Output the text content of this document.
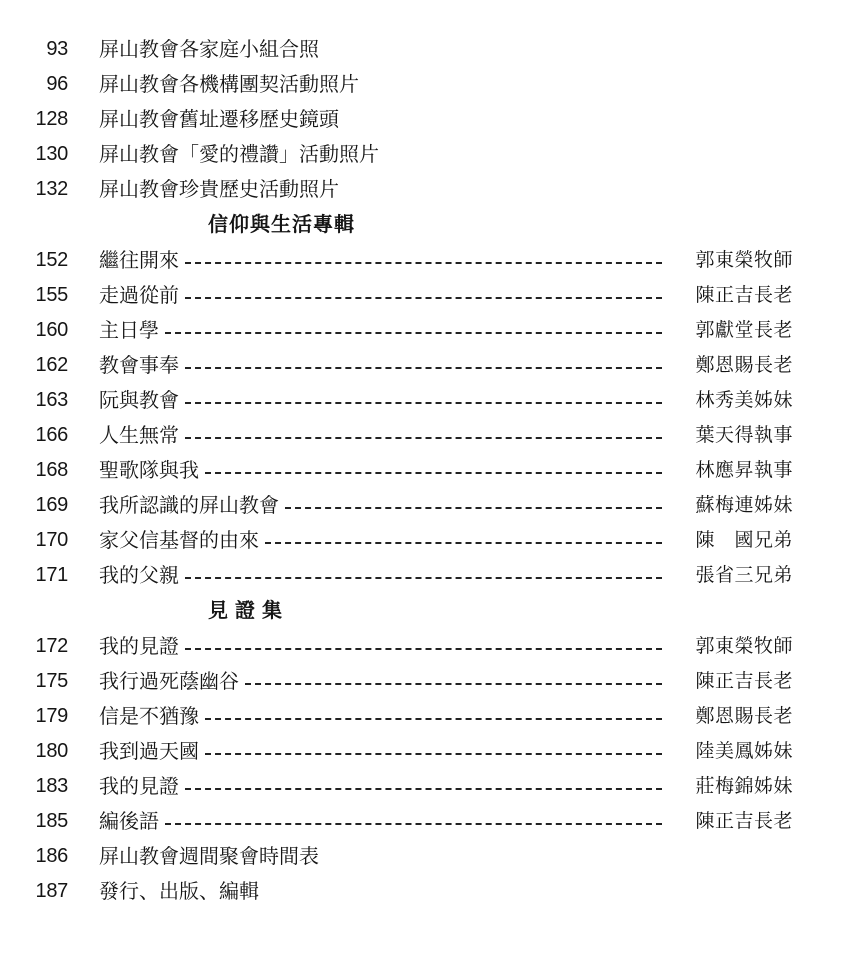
93 屏山教會各家庭小組合照
96 屏山教會各機構團契活動照片
128 屏山教會舊址遷移歷史鏡頭
130 屏山教會「愛的禮讚」活動照片
132 屏山教會珍貴歷史活動照片
信仰與生活專輯
152 繼往開來	郭東榮牧師
155 走過從前	陳正吉長老
160 主日學	郭獻堂長老
162 教會事奉	鄭恩賜長老
163 阮與教會	林秀美姊妹
166 人生無常	葉天得執事
168 聖歌隊與我	林應昇執事
169 我所認識的屏山教會	蘇梅連姊妹
170 家父信基督的由來	陳　國兄弟
171 我的父親	張省三兄弟
見證集
172 我的見證	郭東榮牧師
175 我行過死蔭幽谷	陳正吉長老
179 信是不猶豫	鄭恩賜長老
180 我到過天國	陸美鳳姊妹
183 我的見證	莊梅錦姊妹
185 編後語	陳正吉長老
186 屏山教會週間聚會時間表
187 發行、出版、編輯
